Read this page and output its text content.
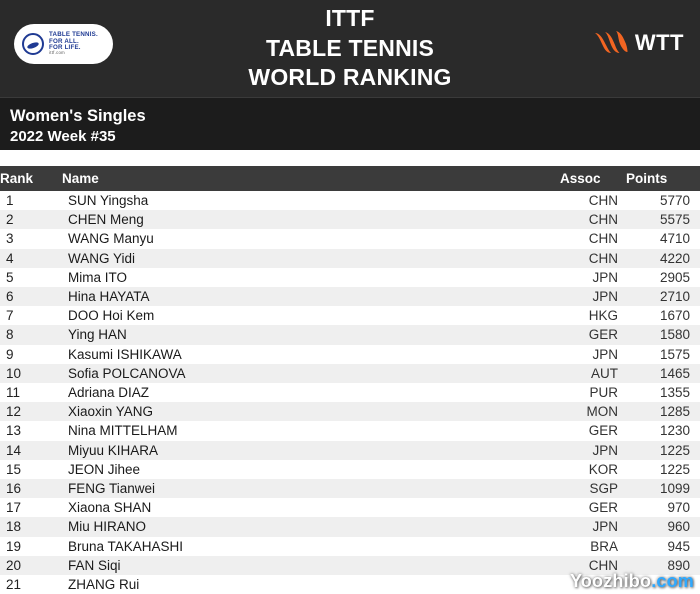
TABLE TENNIS.
FOR ALL.
FOR LIFE.
ittf.com
ITTF
TABLE TENNIS
WORLD RANKING
WTT
Women's Singles
2022 Week #35
Rank	Name	Assoc	Points
1	SUN Yingsha	CHN	5770
2	CHEN Meng	CHN	5575
3	WANG Manyu	CHN	4710
4	WANG Yidi	CHN	4220
5	Mima ITO	JPN	2905
6	Hina HAYATA	JPN	2710
7	DOO Hoi Kem	HKG	1670
8	Ying HAN	GER	1580
9	Kasumi ISHIKAWA	JPN	1575
10	Sofia POLCANOVA	AUT	1465
11	Adriana DIAZ	PUR	1355
12	Xiaoxin YANG	MON	1285
13	Nina MITTELHAM	GER	1230
14	Miyuu KIHARA	JPN	1225
15	JEON Jihee	KOR	1225
16	FENG Tianwei	SGP	1099
17	Xiaona SHAN	GER	970
18	Miu HIRANO	JPN	960
19	Bruna TAKAHASHI	BRA	945
20	FAN Siqi	CHN	890
21	ZHANG Rui			Yoozhibo.com
